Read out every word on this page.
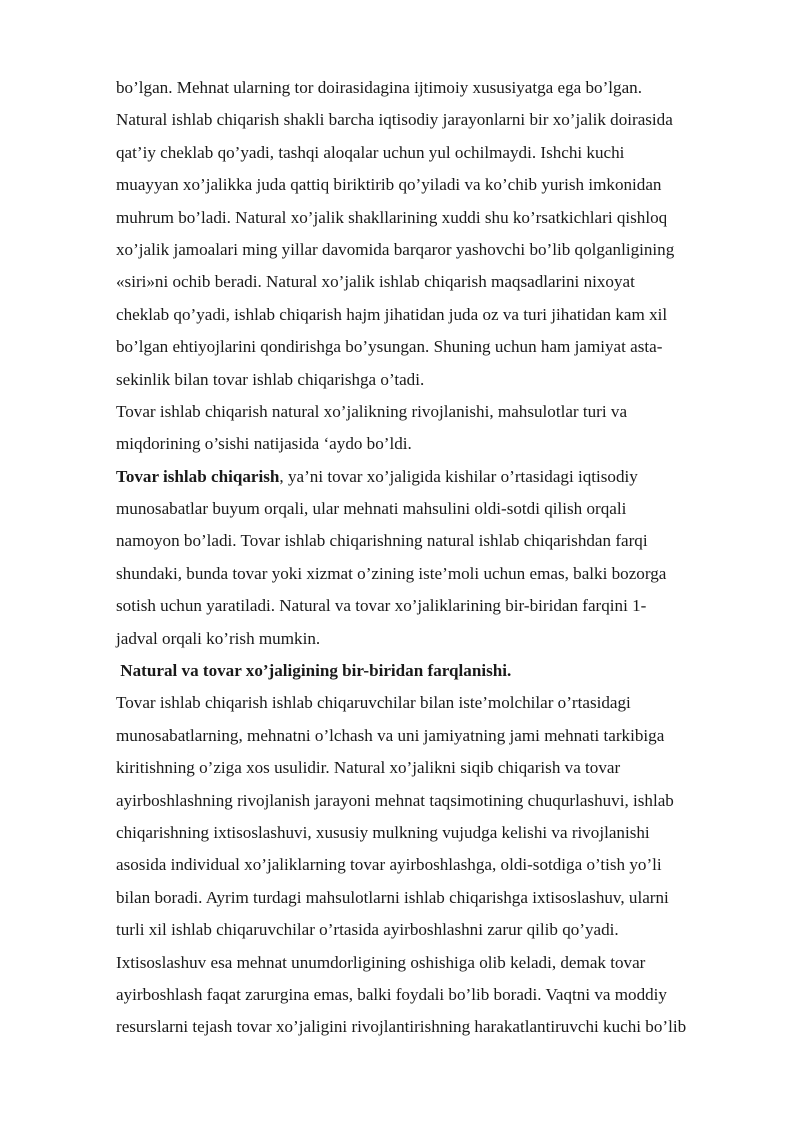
bo’lgan. Mehnat ularning tor doirasidagina ijtimoiy xususiyatga ega bo’lgan.
Natural ishlab chiqarish shakli barcha iqtisodiy jarayonlarni bir xo’jalik doirasida
qat’iy cheklab qo’yadi, tashqi aloqalar uchun yul ochilmaydi. Ishchi kuchi
muayyan xo’jalikka juda qattiq biriktirib qo’yiladi va ko’chib yurish imkonidan
muhrum bo’ladi. Natural xo’jalik shakllarining xuddi shu ko’rsatkichlari qishloq
xo’jalik jamoalari ming yillar davomida barqaror yashovchi bo’lib qolganligining
«siri»ni ochib beradi. Natural xo’jalik ishlab chiqarish maqsadlarini nixoyat
cheklab qo’yadi, ishlab chiqarish hajm jihatidan juda oz va turi jihatidan kam xil
bo’lgan ehtiyojlarini qondirishga bo’ysungan. Shuning uchun ham jamiyat asta-
sekinlik bilan tovar ishlab chiqarishga o’tadi.
Tovar ishlab chiqarish natural xo’jalikning rivojlanishi, mahsulotlar turi va
miqdorining o’sishi natijasida ‘aydo bo’ldi.
Tovar ishlab chiqarish, ya’ni tovar xo’jaligida kishilar o’rtasidagi iqtisodiy
munosabatlar buyum orqali, ular mehnati mahsulini oldi-sotdi qilish orqali
namoyon bo’ladi. Tovar ishlab chiqarishning natural ishlab chiqarishdan farqi
shundaki, bunda tovar yoki xizmat o’zining iste’moli uchun emas, balki bozorga
sotish uchun yaratiladi. Natural va tovar xo’jaliklarining bir-biridan farqini 1-
jadval orqali ko’rish mumkin.
Natural va tovar xo’jaligining bir-biridan farqlanishi.
Tovar ishlab chiqarish ishlab chiqaruvchilar bilan iste’molchilar o’rtasidagi
munosabatlarning, mehnatni o’lchash va uni jamiyatning jami mehnati tarkibiga
kiritishning o’ziga xos usulidir. Natural xo’jalikni siqib chiqarish va tovar
ayirboshlashning rivojlanish jarayoni mehnat taqsimotining chuqurlashuvi, ishlab
chiqarishning ixtisoslashuvi, xususiy mulkning vujudga kelishi va rivojlanishi
asosida individual xo’jaliklarning tovar ayirboshlashga, oldi-sotdiga o’tish yo’li
bilan boradi. Ayrim turdagi mahsulotlarni ishlab chiqarishga ixtisoslashuv, ularni
turli xil ishlab chiqaruvchilar o’rtasida ayirboshlashni zarur qilib qo’yadi.
Ixtisoslashuv esa mehnat unumdorligining oshishiga olib keladi, demak tovar
ayirboshlash faqat zarurgina emas, balki foydali bo’lib boradi. Vaqtni va moddiy
resurslarni tejash tovar xo’jaligini rivojlantirishning harakatlantiruvchi kuchi bo’lib
